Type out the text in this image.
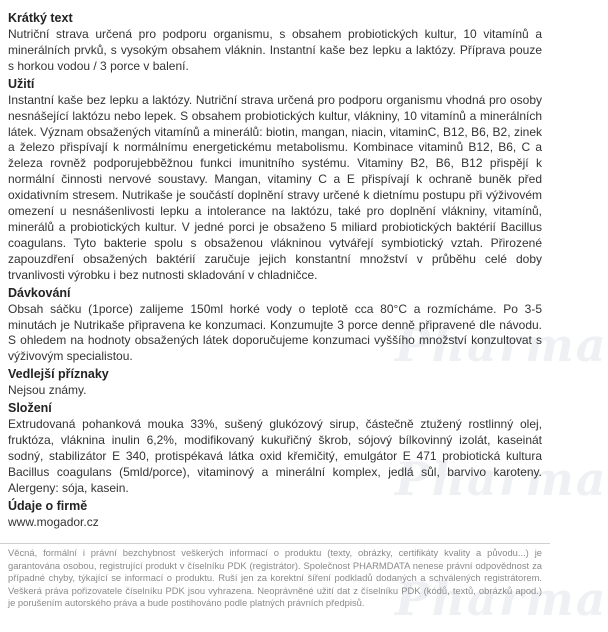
Pharma
Pharma
Pharma
Krátký text

Nutriční strava určená pro podporu organismu, s obsahem probiotických kultur, 10 vitamínů a minerálních prvků, s vysokým obsahem vláknin. Instantní kaše bez lepku a laktózy. Příprava pouze s horkou vodou / 3 porce v balení.

Užití

Instantní kaše bez lepku a laktózy. Nutriční strava určená pro podporu organismu vhodná pro osoby nesnášející laktózu nebo lepek. S obsahem probiotických kultur, vlákniny, 10 vitamínů a minerálních látek. Význam obsažených vitamínů a minerálů: biotin, mangan, niacin, vitaminC, B12, B6, B2, zinek a železo přispívají k normálnímu energetickému metabolismu. Kombinace vitaminů B12, B6, C a železa rovněž podporujebběžnou funkci imunitního systému. Vitaminy B2, B6, B12 přispějí k normální činnosti nervové soustavy. Mangan, vitaminy C a E přispívají k ochraně buněk před oxidativním stresem. Nutrikaše je součástí doplnění stravy určené k dietnímu postupu při výživovém omezení u nesnášenlivosti lepku a intolerance na laktózu, také pro doplnění vlákniny, vitamínů, minerálů a probiotických kultur. V jedné porci je obsaženo 5 miliard probiotických baktérií Bacillus coagulans. Tyto bakterie spolu s obsaženou vlákninou vytvářejí symbiotický vztah. Přirozené zapouzdření obsažených baktérií zaručuje jejich konstantní množství v průběhu celé doby trvanlivosti výrobku i bez nutnosti skladování v chladničce.

Dávkování

Obsah sáčku (1porce) zalijeme 150ml horké vody o teplotě cca 80°C a rozmícháme. Po 3-5 minutách je Nutrikaše připravena ke konzumaci. Konzumujte 3 porce denně připravené dle návodu. S ohledem na hodnoty obsažených látek doporučujeme konzumaci vyššího množství konzultovat s výživovým specialistou.

Vedlejší příznaky

Nejsou známy.

Složení

Extrudovaná pohanková mouka 33%, sušený glukózový sirup, částečně ztužený rostlinný olej, fruktóza, vláknina inulin 6,2%, modifikovaný kukuřičný škrob, sójový bílkovinný izolát, kaseinát sodný, stabilizátor E 340, protispékavá látka oxid křemičitý, emulgátor E 471 probiotická kultura Bacillus coagulans (5mld/porce), vitaminový a minerální komplex, jedlá sůl, barvivo karoteny. Alergeny: sója, kasein.

Údaje o firmě

www.mogador.cz

Věcná, formální i právní bezchybnost veškerých informací o produktu (texty, obrázky, certifikáty kvality a původu...) je garantována osobou, registrující produkt v číselníku PDK (registrátor). Společnost PHARMDATA nenese právní odpovědnost za případné chyby, týkající se informací o produktu. Ruší jen za korektní šíření podkladů dodaných a schválených registrátorem. Veškerá práva pořizovatele číselníku PDK jsou vyhrazena. Neoprávněné užití dat z číselníku PDK (kódů, textů, obrázků apod.) je porušením autorského práva a bude postihováno podle platných právních předpisů.
